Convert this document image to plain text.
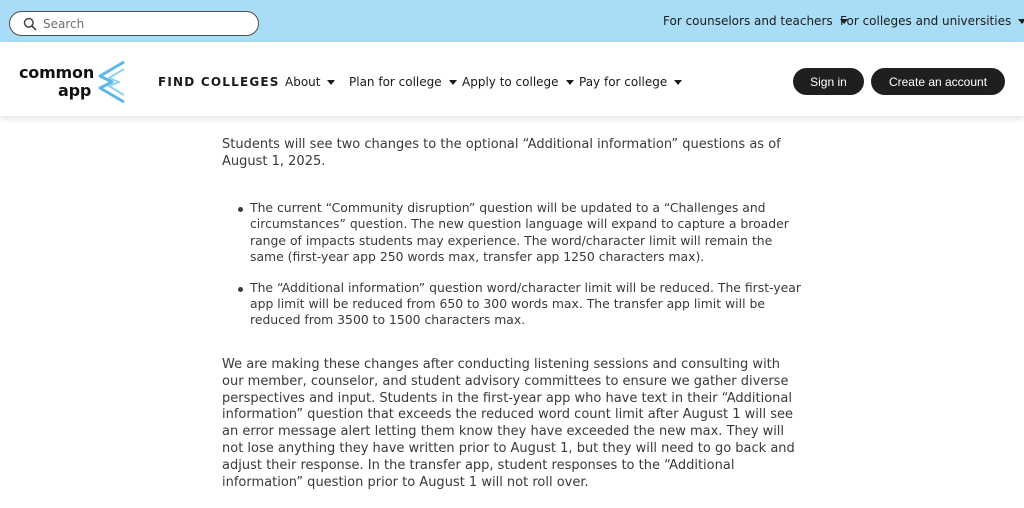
Search
For counselors and teachers For colleges and universities
common
app	FIND COLLEGES About Plan for college Apply to college Pay for college	Sign in	Create an account

Students will see two changes to the optional “Additional information” questions as of August 1, 2025.

The current “Community disruption” question will be updated to a “Challenges and circumstances” question. The new question language will expand to capture a broader range of impacts students may experience. The word/character limit will remain the same (first-year app 250 words max, transfer app 1250 characters max).
The “Additional information” question word/character limit will be reduced. The first-year app limit will be reduced from 650 to 300 words max. The transfer app limit will be reduced from 3500 to 1500 characters max.

We are making these changes after conducting listening sessions and consulting with our member, counselor, and student advisory committees to ensure we gather diverse perspectives and input. Students in the first-year app who have text in their “Additional information” question that exceeds the reduced word count limit after August 1 will see an error message alert letting them know they have exceeded the new max. They will not lose anything they have written prior to August 1, but they will need to go back and adjust their response. In the transfer app, student responses to the “Additional information” question prior to August 1 will not roll over.
